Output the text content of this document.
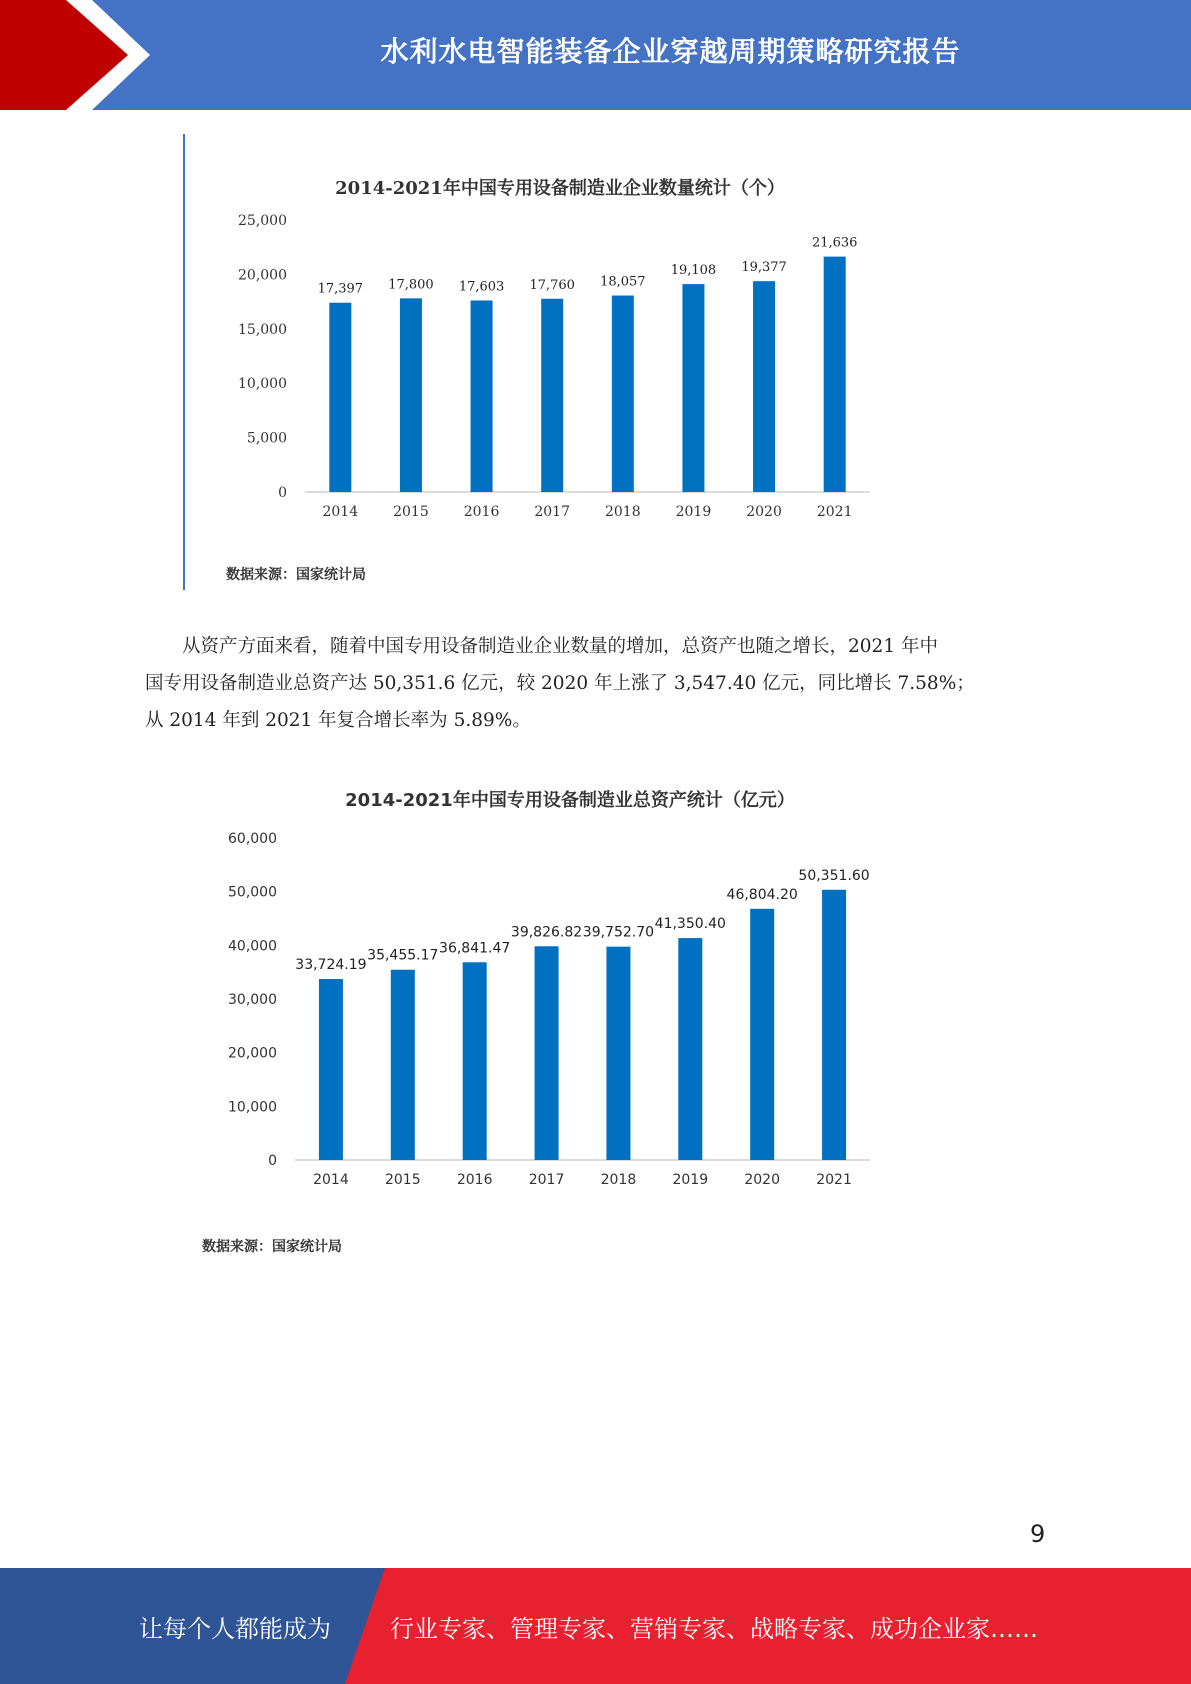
水利水电智能装备企业穿越周期策略研究报告
2014-2021年中国专用设备制造业企业数量统计（个）
0
5,000
10,000
15,000
20,000
25,000
17,397
2014
17,800
2015
17,603
2016
17,760
2017
18,057
2018
19,108
2019
19,377
2020
21,636
2021
数据来源：国家统计局

从资产方面来看，随着中国专用设备制造业企业数量的增加，总资产也随之增长，2021 年中

国专用设备制造业总资产达 50,351.6 亿元，较 2020 年上涨了 3,547.40 亿元，同比增长 7.58%；

从 2014 年到 2021 年复合增长率为 5.89%。

2014-2021年中国专用设备制造业总资产统计（亿元）
0
10,000
20,000
30,000
40,000
50,000
60,000
33,724.19
2014
35,455.17
2015
36,841.47
2016
39,826.82
2017
39,752.70
2018
41,350.40
2019
46,804.20
2020
50,351.60
2021
数据来源：国家统计局
9
让每个人都能成为	行业专家、管理专家、营销专家、战略专家、成功企业家……
